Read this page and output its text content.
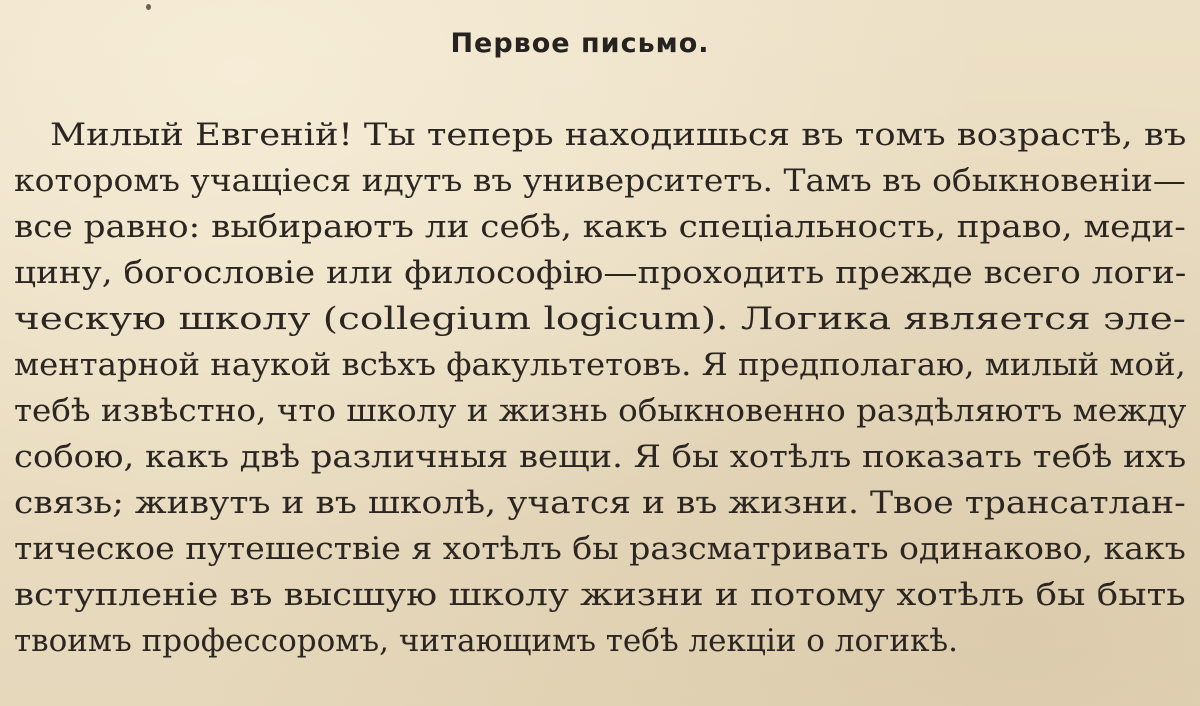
Первое письмо.
Милый Евгеній! Ты теперь находишься въ томъ возрастѣ, въ
которомъ учащіеся идутъ въ университетъ. Тамъ въ обыкновеніи—
все равно: выбираютъ ли себѣ, какъ спеціальность, право, меди-
цину, богословіе или философію—проходить прежде всего логи-
ческую школу (collegium logicum). Логика является эле-
ментарной наукой всѣхъ факультетовъ. Я предполагаю, милый мой,
тебѣ извѣстно, что школу и жизнь обыкновенно раздѣляютъ между
собою, какъ двѣ различныя вещи. Я бы хотѣлъ показать тебѣ ихъ
связь; живутъ и въ школѣ, учатся и въ жизни. Твое трансатлан-
тическое путешествіе я хотѣлъ бы разсматривать одинаково, какъ
вступленіе въ высшую школу жизни и потому хотѣлъ бы быть
твоимъ профессоромъ, читающимъ тебѣ лекціи о логикѣ.
